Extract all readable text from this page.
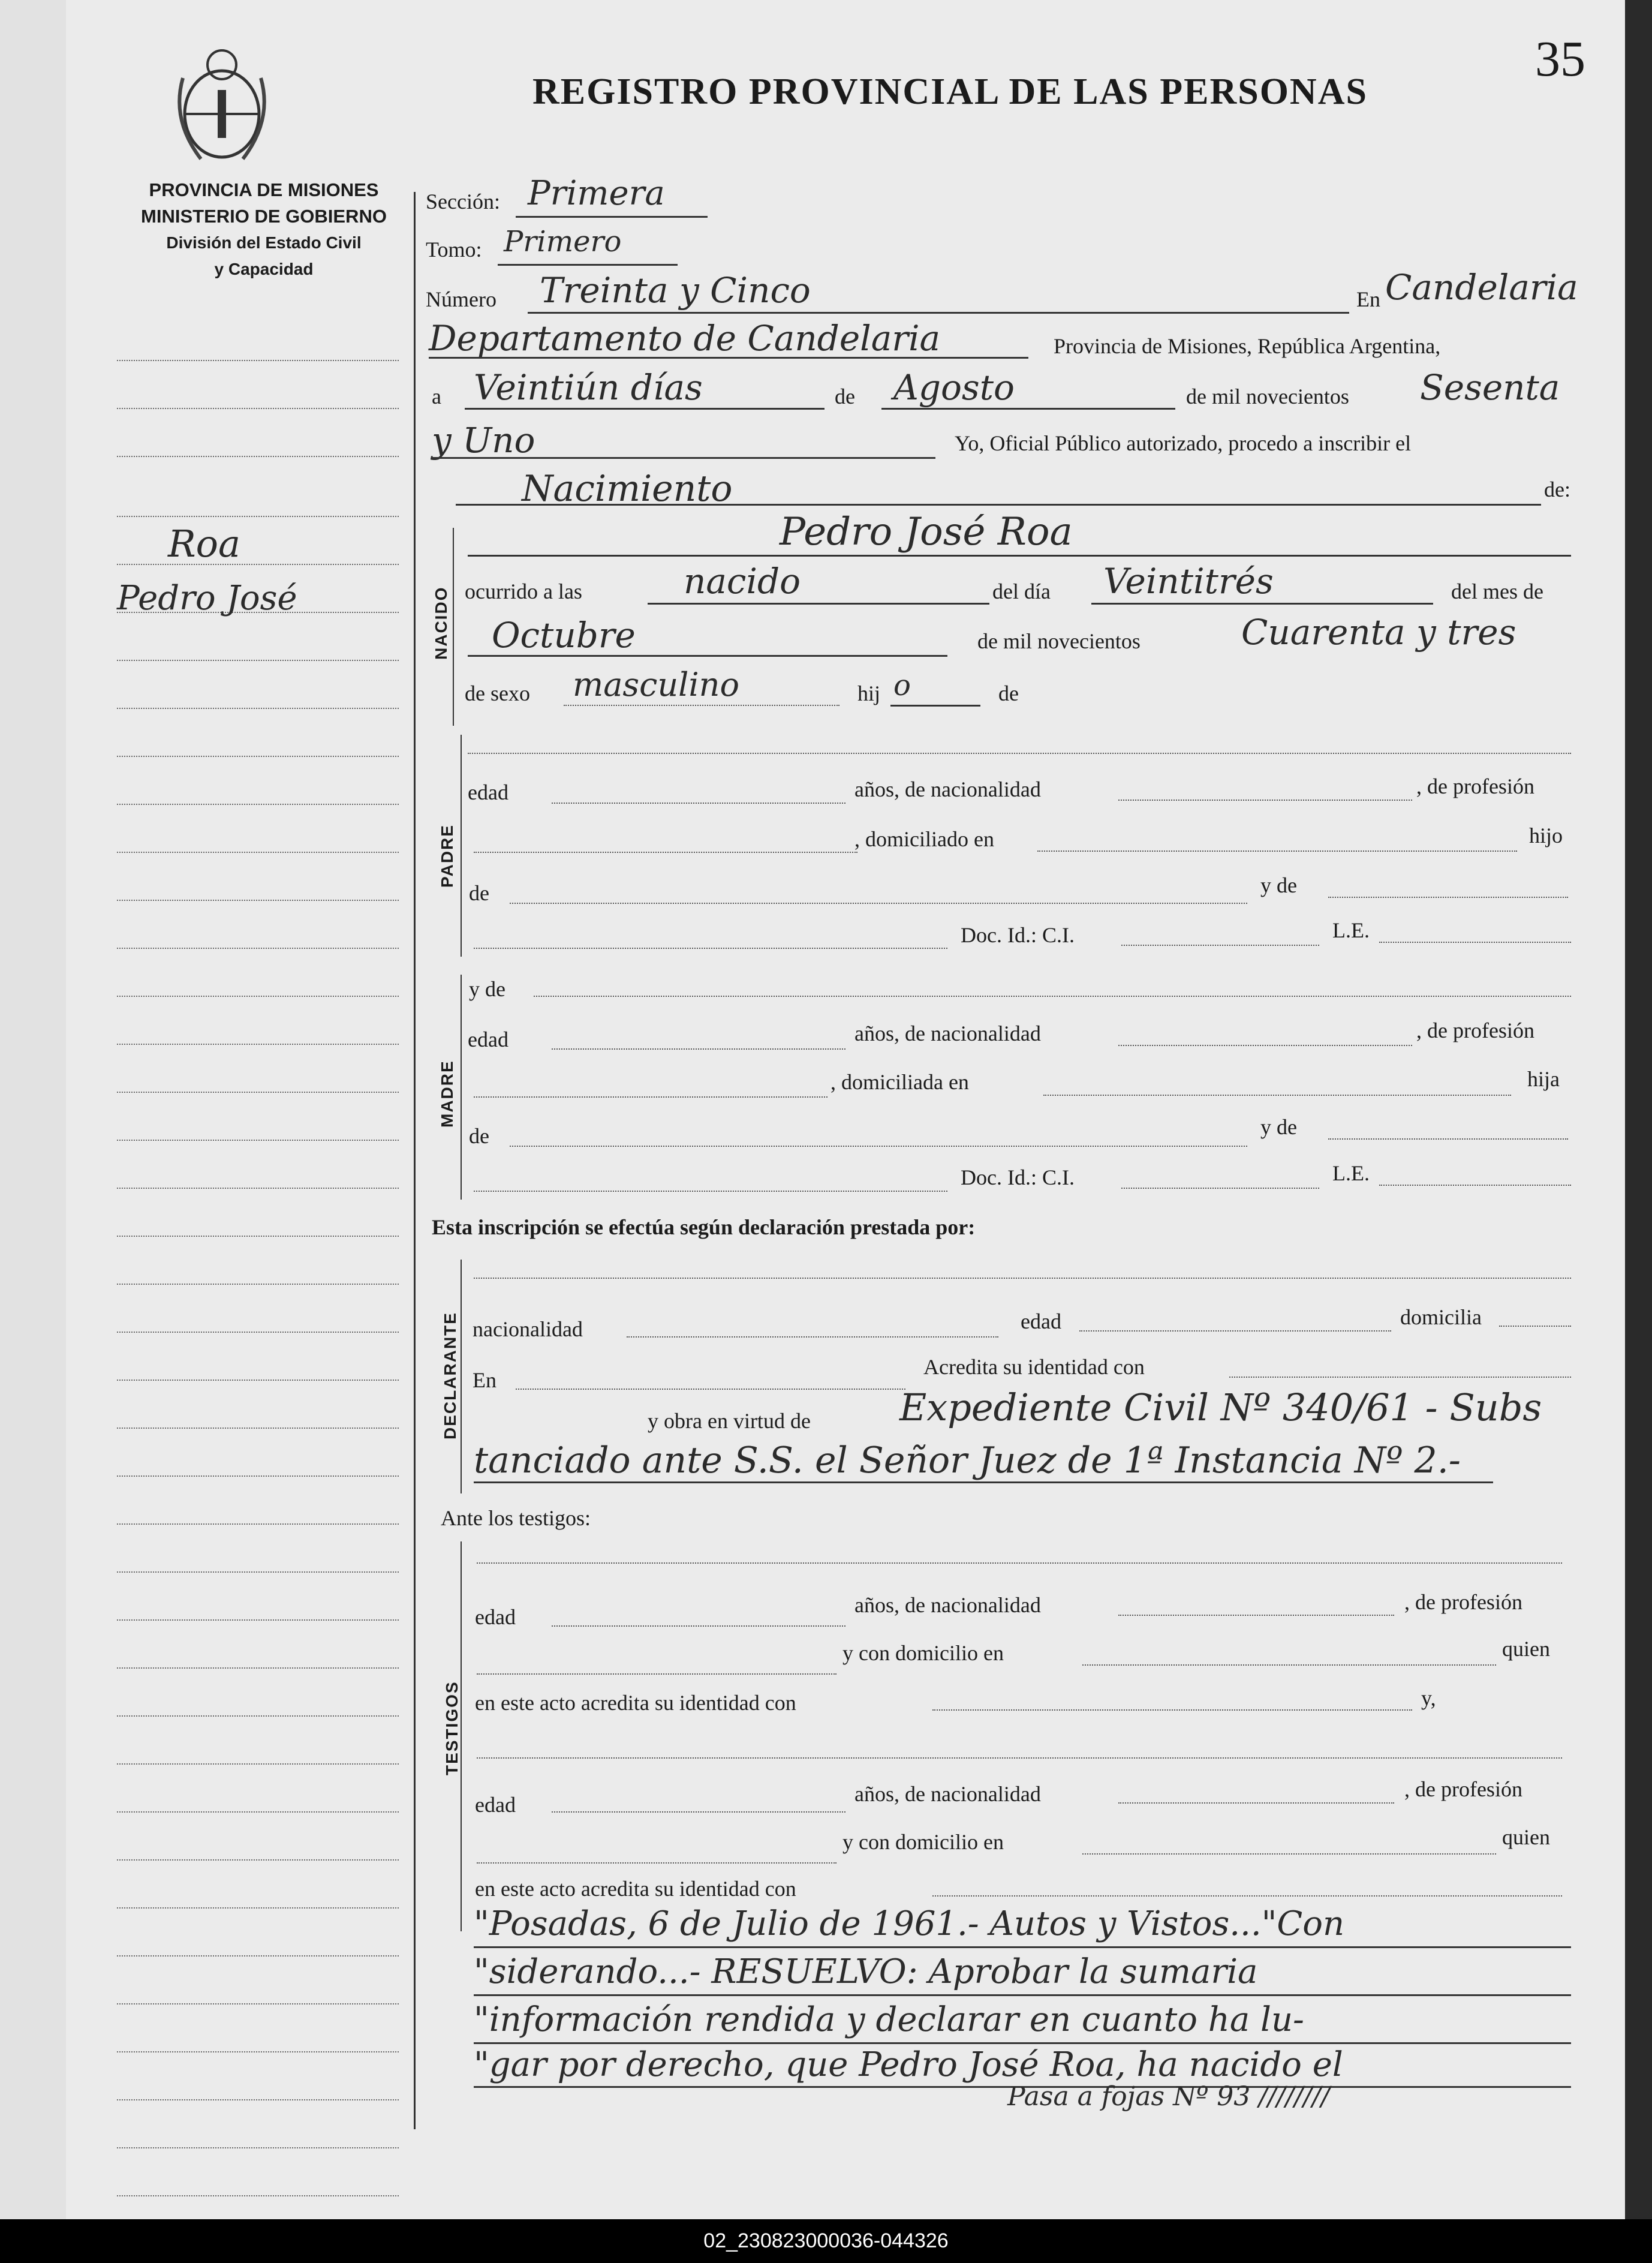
35
REGISTRO PROVINCIAL DE LAS PERSONAS
PROVINCIA DE MISIONES
MINISTERIO DE GOBIERNO
División del Estado Civil
y Capacidad
Roa
Pedro José
Sección: Primera
Tomo: Primero
Número Treinta y Cinco	En Candelaria
Departamento de Candelaria	Provincia de Misiones, República Argentina,
a Veintiún días	de Agosto	de mil novecientos Sesenta
y Uno	Yo, Oficial Público autorizado, procedo a inscribir el
Nacimiento	de:
NACIDO
Pedro José Roa
ocurrido a las	nacido	del día Veintitrés	del mes de
Octubre	de mil novecientos	Cuarenta y tres
de sexo masculino	hij o	de
PADRE
edad	años, de nacionalidad	, de profesión
, domiciliado en	hijo
de	y de
Doc. Id.: C.I.	L.E.
MADRE
y de
edad	años, de nacionalidad	, de profesión
, domiciliada en	hija
de	y de
Doc. Id.: C.I.	L.E.
Esta inscripción se efectúa según declaración prestada por:
DECLARANTE nacionalidad	edad	domicilia
En
Acredita su identidad con
y obra en virtud de Expediente Civil Nº 340/61 - Subs
tanciado ante S.S. el Señor Juez de 1ª Instancia Nº 2.-
Ante los testigos:
TESTIGOS
edad	años, de nacionalidad	, de profesión
y con domicilio en	quien
en este acto acredita su identidad con	y,
edad	años, de nacionalidad	, de profesión
y con domicilio en	quien
en este acto acredita su identidad con
"Posadas, 6 de Julio de 1961.- Autos y Vistos..."Con
"siderando...- RESUELVO: Aprobar la sumaria
"información rendida y declarar en cuanto ha lu-
"gar por derecho, que Pedro José Roa, ha nacido el
Pasa a fojas Nº 93 ////////
02_230823000036-044326
